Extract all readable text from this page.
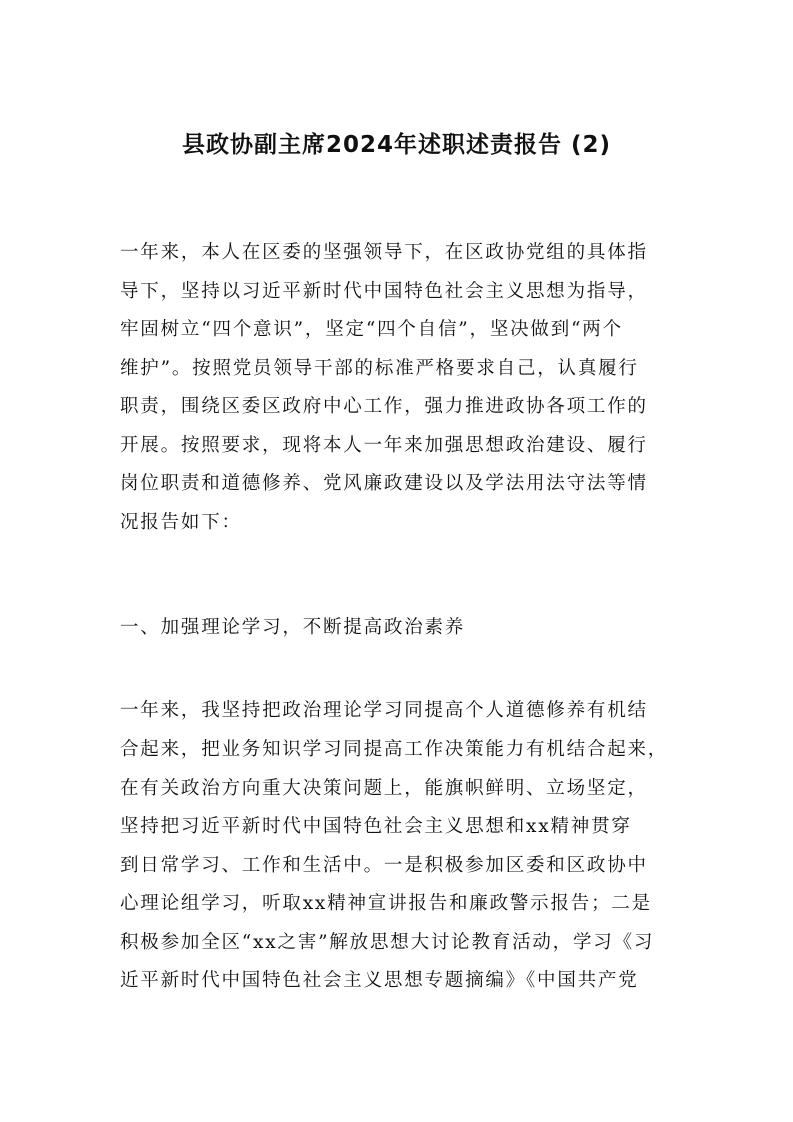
县政协副主席2024年述职述责报告 (2)
一年来，本人在区委的坚强领导下，在区政协党组的具体指
导下，坚持以习近平新时代中国特色社会主义思想为指导，
牢固树立“四个意识”，坚定“四个自信”，坚决做到“两个
维护”。按照党员领导干部的标准严格要求自己，认真履行
职责，围绕区委区政府中心工作，强力推进政协各项工作的
开展。按照要求，现将本人一年来加强思想政治建设、履行
岗位职责和道德修养、党风廉政建设以及学法用法守法等情
况报告如下：
一、加强理论学习，不断提高政治素养
一年来，我坚持把政治理论学习同提高个人道德修养有机结
合起来，把业务知识学习同提高工作决策能力有机结合起来，
在有关政治方向重大决策问题上，能旗帜鲜明、立场坚定，
坚持把习近平新时代中国特色社会主义思想和xx精神贯穿
到日常学习、工作和生活中。一是积极参加区委和区政协中
心理论组学习，听取xx精神宣讲报告和廉政警示报告；二是
积极参加全区“xx之害”解放思想大讨论教育活动，学习《习
近平新时代中国特色社会主义思想专题摘编》《中国共产党
